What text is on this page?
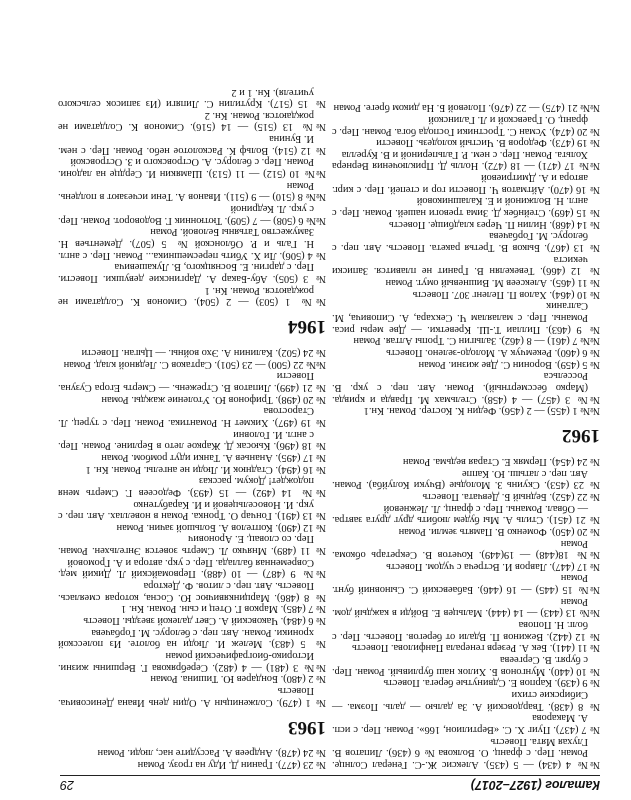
Каталог (1927–2017)
29
№№ 4 (434) — 5 (435). Алексис Ж.-С. Генерал Солнце. Роман. Пер. с франц. О. Волкова № 6 (436). Липатов В. Глухая Мята. Повесть
№ 7 (437). Пуиг Х. С. «Вертилион, 166». Роман. Пер. с исп. А. Макарова
№ 8 (438). Твардовский А. За далью — даль. Поэма. — Сибирские стихи
№ 9 (439). Карпов Е. Сдвинутые берега. Повесть
№ 10 (440). Мунгонов Б. Хилок наш бурливый. Роман. Пер. с бурят. В. Сергеева
№ 11 (441). Бек А. Резерв генерала Панфилова. Повесть
№ 12 (442). Вежинов П. Вдали от берегов. Повесть. Пер. с болг. Н. Попова
№№ 13 (443) — 14 (444). Мальцев Е. Войди в каждый дом. Роман
№№ 15 (445) — 16 (446). Бабаевский С. Сыновний бунт. Роман
№ 17 (447). Лавров И. Встреча с чудом. Повесть
№№ 18(448) — 19(449). Кочетов В. Секретарь обкома. Роман
№ 20 (450). Фоменко В. Память земли. Роман
№ 21 (451). Стиль А. Мы будем любить друг друга завтра. — Обвал. Романы. Пер. с франц. Л. Лежневой
№ 22 (452). Бедный Б. Девчата. Повесть
№ 23 (453). Скуинь З. Молодые (Вчуки Колуйба). Роман. Авт. пер. с латыш. Ю. Каппе
№ 24 (454). Пермяк Е. Старая ведьма. Роман
1962
№№ 1 (455) — 2 (456). Федин К. Костер. Роман. Кн.1
№№ 3 (457) — 4 (458). Стельмах М. Правда и кривда. (Марко бессмертный). Роман. Авт. пер. с укр. В. Россельса
№ 5 (459). Воронин С. Две жизни. Роман
№ 6 (460). Рекемчук А. Молодо-зелено. Повесть
№№ 7 (461) — 8 (462). Залыгин С. Тропы Алтая. Роман
№ 9 (463). Пиллаи Т.-Ш. Креветки. — Две меры риса. Романы. Пер. с малаялам Ч. Секхара, А. Сиповича, М. Салганик
№ 10 (464). Халов П. Пеленг 307. Повесть
№ 11 (465). Алексеев М. Вишневый омут. Роман
№ 12 (466). Тевекелян В. Гранит не плавится. Записки чекиста
№ 13 (467). Быков В. Третья ракета. Повесть. Авт. пер. с белорус. М. Горбачева
№ 14 (468). Нилин П. Через кладбище. Повесть
№ 15 (469). Стейнбек Д. Зима тревоги нашей. Роман. Пер. с англ. Н. Волжиной и Е. Калашниковой
№ 16 (470). Айтматов Ч. Повести гор и степей. Пер. с кирг. автора и А. Дмитриевой
№№ 17 (471) — 18 (472). Нолль Д. Приключения Вернера Хольта. Роман. Пер. с нем. Р. Гальпериной и В. Курелла
№ 19 (473). Федоров В. Чистый колодезь. Повести
№ 20 (474). Усман С. Тростники Господа бога. Роман. Пер. с франц. О. Граевской и Л. Галинской
№№ 21 (475) — 22 (476). Полевой Б. На диком бреге. Роман
№ 23 (477). Гранин Д. Иду на грозу. Роман
№ 24 (478). Андреев А. Рассудите нас, люди. Роман
1963
№ 1 (479). Солженицын А. Один день Ивана Денисовича. Повесть
№ 2 (480). Бондарев Ю. Тишина. Роман
№№ 3 (481) — 4 (482). Серебрякова Г. Вершины жизни. Историко-биографический роман
№ 5 (483). Мележ И. Люди на болоте. Из полесской хроники. Роман. Авт. пер. с белорус. М. Горбачева
№ 6 (484). Чаковский А. Свет далекой звезды. Повесть
№ 7 (485). Марков Г. Отец и сын. Роман. Кн. 1
№ 8 (486). Марцинкявичюс Ю. Сосна, которая смеялась. Повесть. Авт. пер. с литов. Ф. Дектора
№№ 9 (487) — 10 (488). Первомайский Л. Дикий мед. Современная баллада. Пер. с укр. автора и А. Громовой
№ 11 (489). Мнячко Л. Смерть зовется Энгельхен. Роман. Пер. со словац. Е. Аронович
№ 12 (490). Коптелов А. Большой зачин. Роман
№ 13 (491). Гончар О. Тронка. Роман в новеллах. Авт. пер. с укр. И. Новосельцевой и И. Карабутенко
№№ 14 (492) — 15 (493). Федосеев Г. Смерть меня подождет! Докум. рассказ
№ 16 (494). Стаднюк И. Люди не ангелы. Роман. Кн. 1
№ 17 (495). Ананьев А. Танки идут ромбом. Роман
№ 18 (496). Кьюсак Д. Жаркое лето в Берлине. Роман. Пер. с англ. И. Головни
№ 19 (497). Хикмет Н. Романтика. Роман. Пер. с турец. Л. Старостова
№ 20 (498). Трифонов Ю. Утоление жажды. Роман
№ 21 (499). Липатов В. Стрежень. — Смерть Егора Сузуна. Повести
№№ 22 (500) — 23 (501). Сартаков С. Ледяной клад. Роман
№ 24 (502). Калинин А. Эхо войны. — Цыган. Повести
1964
№№ 1 (503) — 2 (504). Симонов К. Солдатами не рождаются. Роман. Кн. 1
№ 3 (505). Абу-Бакар А. Даргинские девушки. Повести. Пер. с даргин. Е. Босняцкого, В. Лукашевича
№ 4 (506). Ли Х. Убить пересмешника... Роман. Пер. с англ. Н. Галь и Р. Облонской № 5 (507). Дементьев Н. Замужество Татьяны Беловой. Роман
№№ 6 (508) — 7 (509). Тютюнник Г. Водоворот. Роман. Пер. с укр. Л. Кедриной
№№ 8 (510) — 9 (511). Иванов А. Тени исчезают в полдень. Роман
№№ 10 (512) — 11 (513). Шамякин И. Сердце на ладони. Роман. Пер. с белорус. А. Островского и З. Островской
№ 12 (514). Вольф К. Расколотое небо. Роман. Пер. с нем. И. Бунина
№№ 13 (515) — 14 (516). Симонов К. Солдатами не рождаются. Роман. Кн. 2
№ 15 (517). Крутилин С. Липяги (Из записок сельского учителя). Кн. 1 и 2
